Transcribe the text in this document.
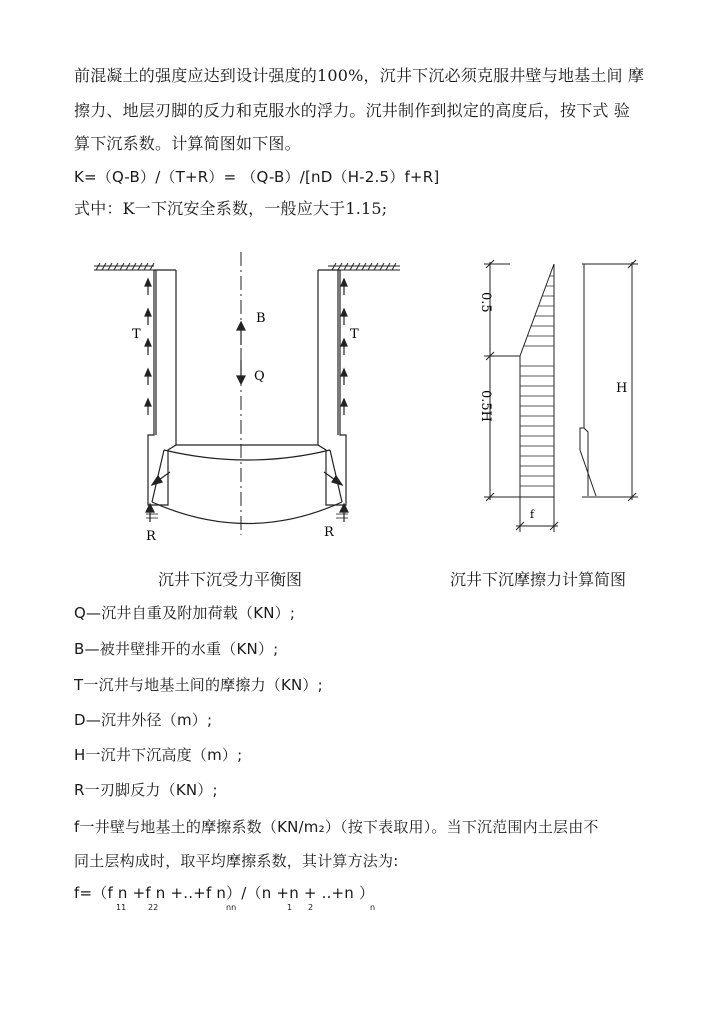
前混凝土的强度应达到设计强度的100%，沉井下沉必须克服井壁与地基土间 摩
擦力、地层刃脚的反力和克服水的浮力。沉井制作到拟定的高度后，按下式 验
算下沉系数。计算简图如下图。
K=（Q-B）/（T+R）= （Q-B）/[nD（H-2.5）f+R]
式中：K一下沉安全系数，一般应大于1.15;
B
Q
T	T
R	R
沉井下沉受力平衡图
0.5
0.5H
H
f
沉井下沉摩擦力计算简图
Q—沉井自重及附加荷载（KN）;
B—被井壁排开的水重（KN）;
T一沉井与地基土间的摩擦力（KN）;
D—沉井外径（m）;
H一沉井下沉高度（m）;
R一刃脚反力（KN）;
f一井壁与地基土的摩擦系数（KN/m₂）（按下表取用）。当下沉范围内土层由不
同土层构成时，取平均摩擦系数，其计算方法为:
f=（f n +f n +..+f n）/（n +n + ..+n ）
11	22	nn	1 2	n
